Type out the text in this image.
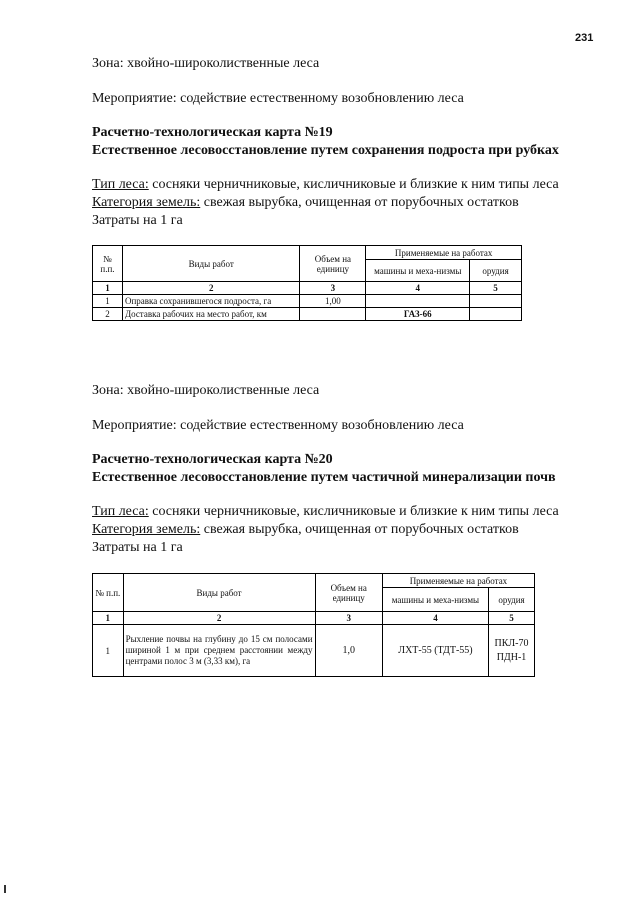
231
Зона: хвойно-широколиственные леса
Мероприятие: содействие естественному возобновлению леса
Расчетно-технологическая карта №19
Естественное лесовосстановление путем сохранения подроста при рубках
Тип леса: сосняки черничниковые, кисличниковые и близкие к ним типы леса
Категория земель: свежая вырубка, очищенная от порубочных остатков
Затраты на 1 га
№ п.п.	Виды работ	Объем на единицу	Применяемые на работах	
			машины и меха-низмы	орудия
1	2	3	4	5
1	Оправка сохранившегося подроста, га	1,00		
2	Доставка рабочих на место работ, км		ГАЗ-66	
Зона: хвойно-широколиственные леса
Мероприятие: содействие естественному возобновлению леса
Расчетно-технологическая карта №20
Естественное лесовосстановление путем частичной минерализации почв
Тип леса: сосняки черничниковые, кисличниковые и близкие к ним типы леса
Категория земель: свежая вырубка, очищенная от порубочных остатков
Затраты на 1 га
№ п.п.	Виды работ	Объем на единицу	Применяемые на работах	
			машины и меха-низмы	орудия
1	2	3	4	5
1	Рыхление почвы на глубину до 15 см полосами шириной 1 м при среднем расстоянии между центрами полос 3 м (3,33 км), га	1,0	ЛХТ-55 (ТДТ-55)	ПКЛ-70
ПДН-1
